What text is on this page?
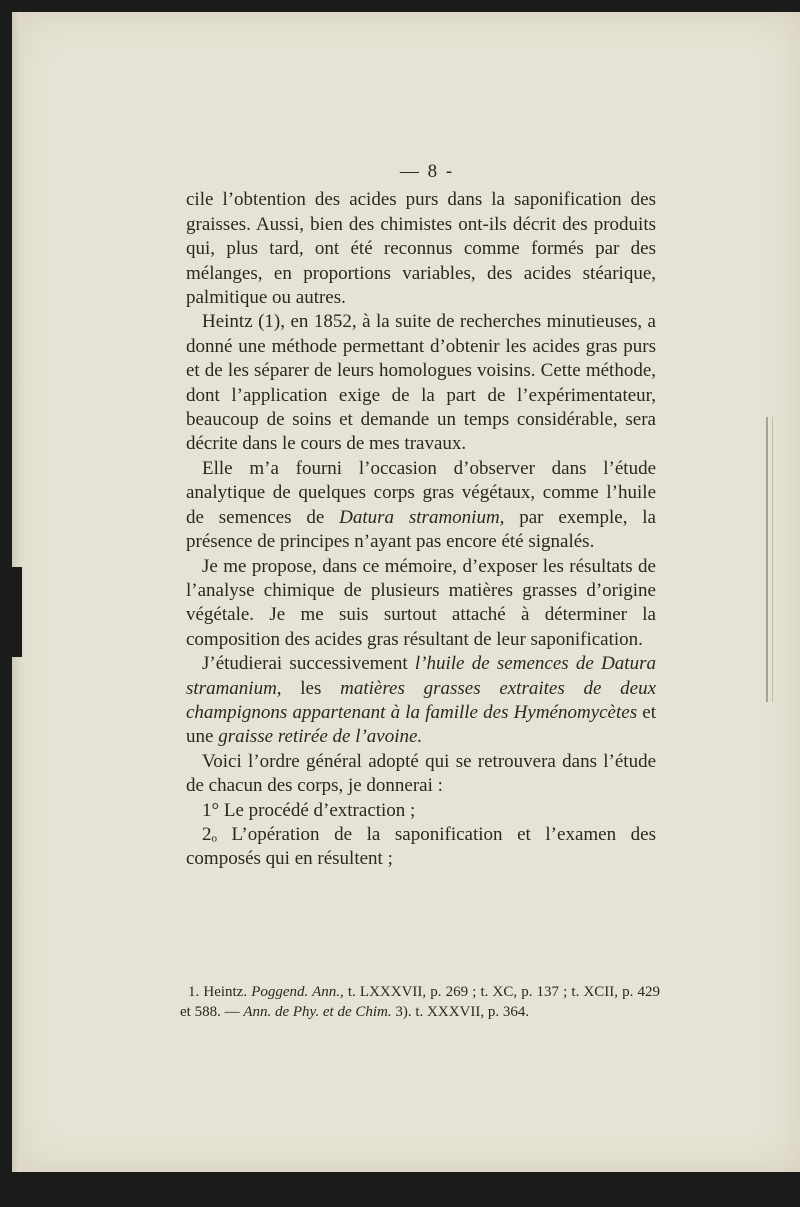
— 8 -

cile l’obtention des acides purs dans la saponification des graisses. Aussi, bien des chimistes ont-ils décrit des produits qui, plus tard, ont été reconnus comme formés par des mélanges, en proportions variables, des acides stéarique, palmitique ou autres.

Heintz (1), en 1852, à la suite de recherches minutieuses, a donné une méthode permettant d’obtenir les acides gras purs et de les séparer de leurs homologues voisins. Cette méthode, dont l’application exige de la part de l’expérimentateur, beaucoup de soins et demande un temps considérable, sera décrite dans le cours de mes travaux.

Elle m’a fourni l’occasion d’observer dans l’étude analytique de quelques corps gras végétaux, comme l’huile de semences de Datura stramonium, par exemple, la présence de principes n’ayant pas encore été signalés.

Je me propose, dans ce mémoire, d’exposer les résultats de l’analyse chimique de plusieurs matières grasses d’origine végétale. Je me suis surtout attaché à déterminer la composition des acides gras résultant de leur saponification.

J’étudierai successivement l’huile de semences de Datura stramanium, les matières grasses extraites de deux champignons appartenant à la famille des Hyménomycètes et une graisse retirée de l’avoine.

Voici l’ordre général adopté qui se retrouvera dans l’étude de chacun des corps, je donnerai :

1° Le procédé d’extraction ;

2ₒ L’opération de la saponification et l’examen des composés qui en résultent ;

1. Heintz. Poggend. Ann., t. LXXXVII, p. 269 ; t. XC, p. 137 ; t. XCII, p. 429 et 588. — Ann. de Phy. et de Chim. 3). t. XXXVII, p. 364.
